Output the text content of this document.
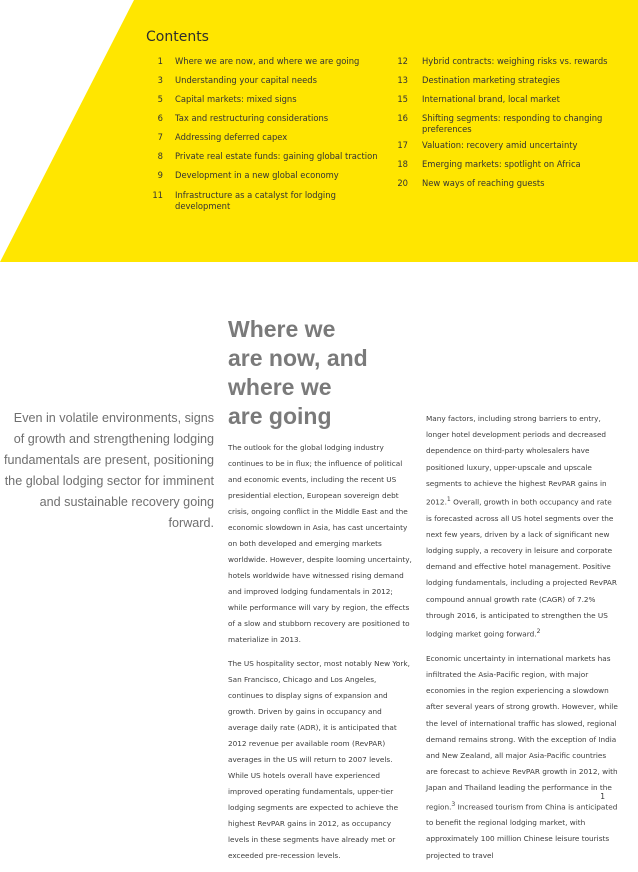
Contents
1 Where we are now, and where we are going
3 Understanding your capital needs
5 Capital markets: mixed signs
6 Tax and restructuring considerations
7 Addressing deferred capex
8 Private real estate funds: gaining global traction
9 Development in a new global economy
11 Infrastructure as a catalyst for lodging development
12 Hybrid contracts: weighing risks vs. rewards
13 Destination marketing strategies
15 International brand, local market
16 Shifting segments: responding to changing preferences
17 Valuation: recovery amid uncertainty
18 Emerging markets: spotlight on Africa
20 New ways of reaching guests
Where we
are now, and
where we
are going
Even in volatile environments, signs of growth and strengthening lodging fundamentals are present, positioning the global lodging sector for imminent and sustainable recovery going forward.

The outlook for the global lodging industry continues to be in flux; the influence of political and economic events, including the recent US presidential election, European sovereign debt crisis, ongoing conflict in the Middle East and the economic slowdown in Asia, has cast uncertainty on both developed and emerging markets worldwide. However, despite looming uncertainty, hotels worldwide have witnessed rising demand and improved lodging fundamentals in 2012; while performance will vary by region, the effects of a slow and stubborn recovery are positioned to materialize in 2013.

The US hospitality sector, most notably New York, San Francisco, Chicago and Los Angeles, continues to display signs of expansion and growth. Driven by gains in occupancy and average daily rate (ADR), it is anticipated that 2012 revenue per available room (RevPAR) averages in the US will return to 2007 levels. While US hotels overall have experienced improved operating fundamentals, upper-tier lodging segments are expected to achieve the highest RevPAR gains in 2012, as occupancy levels in these segments have already met or exceeded pre-recession levels.

Many factors, including strong barriers to entry, longer hotel development periods and decreased dependence on third-party wholesalers have positioned luxury, upper-upscale and upscale segments to achieve the highest RevPAR gains in 2012.$^1$ Overall, growth in both occupancy and rate is forecasted across all US hotel segments over the next few years, driven by a lack of significant new lodging supply, a recovery in leisure and corporate demand and effective hotel management. Positive lodging fundamentals, including a projected RevPAR compound annual growth rate (CAGR) of 7.2% through 2016, is anticipated to strengthen the US lodging market going forward.$^2$

Economic uncertainty in international markets has infiltrated the Asia-Pacific region, with major economies in the region experiencing a slowdown after several years of strong growth. However, while the level of international traffic has slowed, regional demand remains strong. With the exception of India and New Zealand, all major Asia-Pacific countries are forecast to achieve RevPAR growth in 2012, with Japan and Thailand leading the performance in the region.$^3$ Increased tourism from China is anticipated to benefit the regional lodging market, with approximately 100 million Chinese leisure tourists projected to travel

1
